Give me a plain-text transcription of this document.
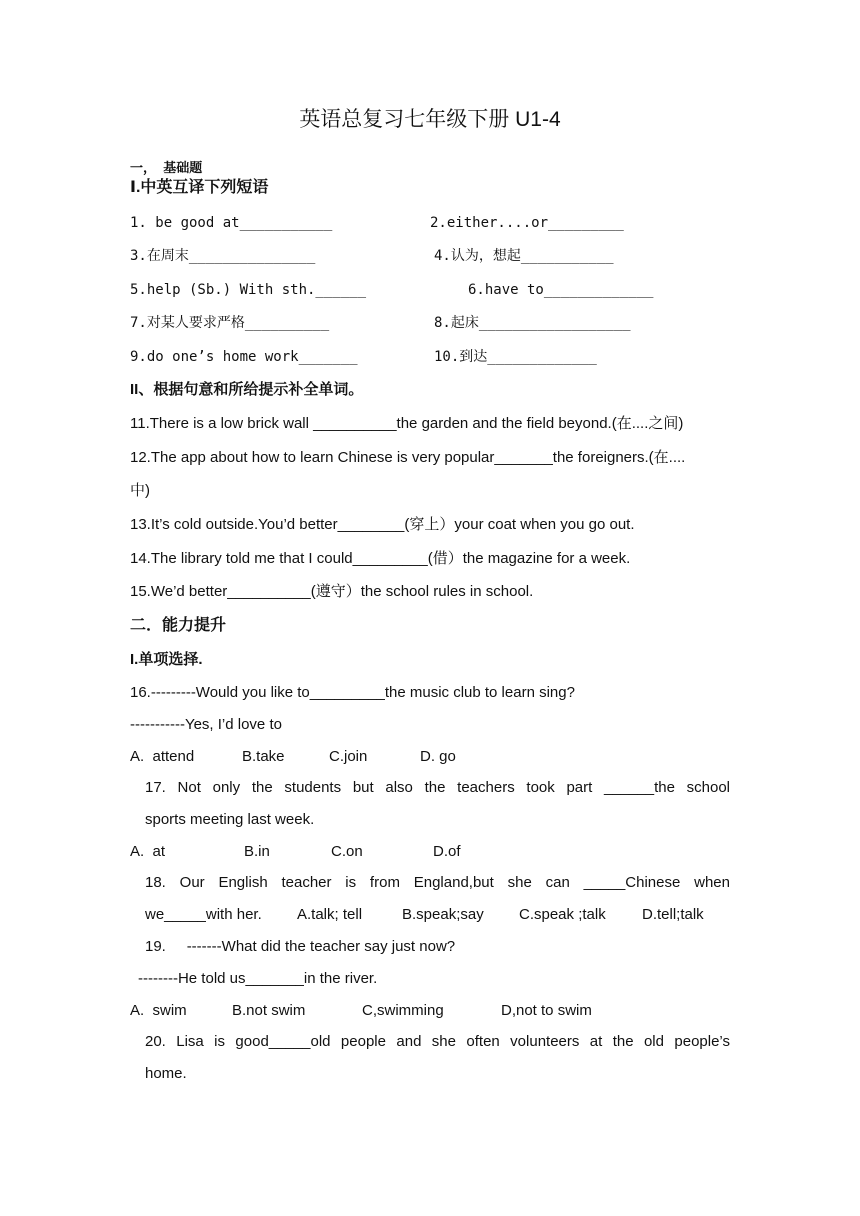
英语总复习七年级下册 U1-4
一，  基础题
Ⅰ.中英互译下列短语
1. be good at___________	2.either....or_________
3.在周末_______________	4.认为，想起___________
5.help (Sb.) With sth.______	6.have to_____________
7.对某人要求严格__________	8.起床__________________
9.do one’s home work_______	10.到达_____________
II、根据句意和所给提示补全单词。
11.There is a low brick wall __________the garden and the field beyond.(在....之间)
12.The app about how to learn Chinese is very popular_______the foreigners.(在....
中)
13.It’s cold outside.You’d better________(穿上）your coat when you go out.
14.The library told me that I could_________(借）the magazine for a week.
15.We’d better__________(遵守）the school rules in school.
二．能力提升
I.单项选择.
16.---------Would you like to_________the music club to learn sing?
-----------Yes, I’d love to
A.  attend	B.take	C.join	D. go
17. Not only the students but also the teachers took part ______the school
sports meeting last week.
A.  at	B.in	C.on	D.of
18. Our English teacher is from England,but she can _____Chinese when
we_____with her. A.talk; tell	B.speak;say C.speak ;talk D.tell;talk
19.     -------What did the teacher say just now?
--------He told us_______in the river.
A.  swim	B.not swim	C,swimming	D,not to swim
20. Lisa is good_____old people and she often volunteers at the old people’s
home.
